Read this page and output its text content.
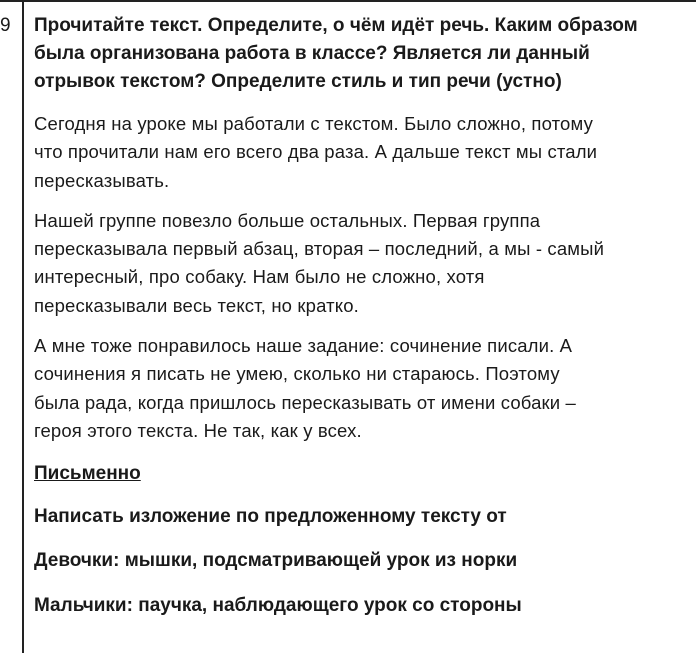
9	Прочитайте текст. Определите, о чём идёт речь. Каким образом была организована работа в классе? Является ли данный отрывок текстом? Определите стиль и тип речи (устно)

Сегодня на уроке мы работали с текстом. Было сложно, потому
что прочитали нам его всего два раза. А дальше текст мы стали
пересказывать.
Нашей группе повезло больше остальных. Первая группа
пересказывала первый абзац, вторая – последний, а мы - самый
интересный, про собаку. Нам было не сложно, хотя
пересказывали весь текст, но кратко.
А мне тоже понравилось наше задание: сочинение писали. А
сочинения я писать не умею, сколько ни стараюсь. Поэтому
была рада, когда пришлось пересказывать от имени собаки –
героя этого текста. Не так, как у всех.

Письменно

Написать изложение по предложенному тексту от

Девочки: мышки, подсматривающей урок из норки

Мальчики: паучка, наблюдающего урок со стороны
